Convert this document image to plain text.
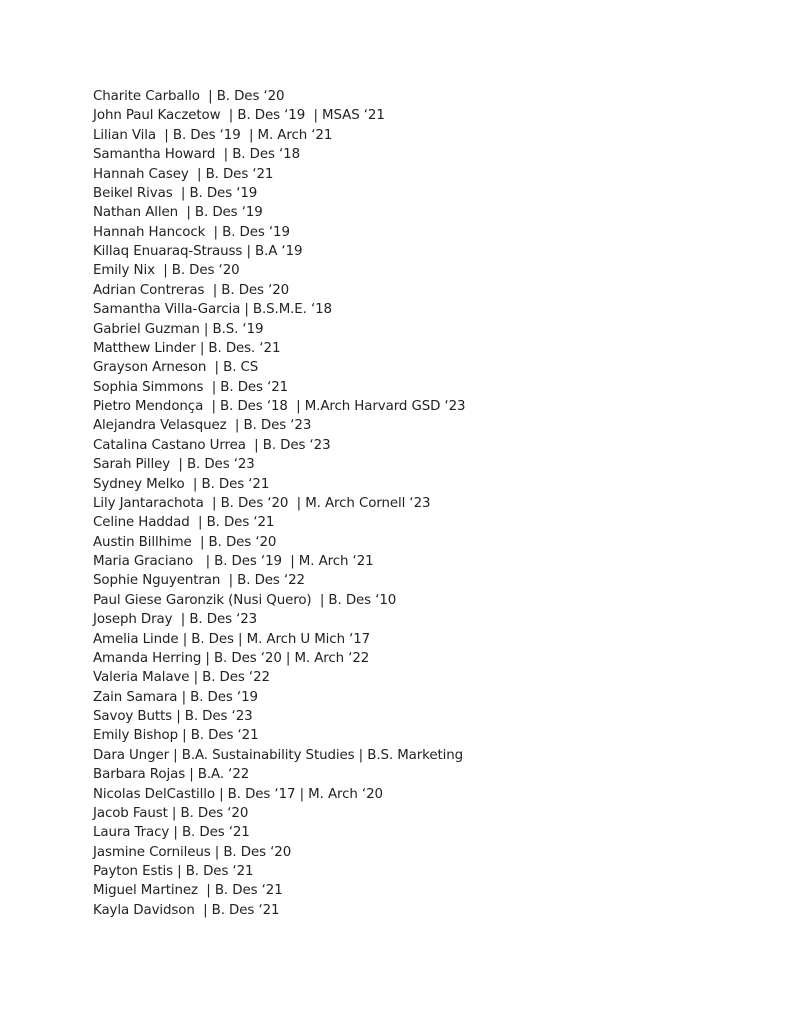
Charite Carballo  | B. Des ‘20
John Paul Kaczetow  | B. Des ‘19  | MSAS ‘21
Lilian Vila  | B. Des ‘19  | M. Arch ‘21
Samantha Howard  | B. Des ‘18
Hannah Casey  | B. Des ‘21
Beikel Rivas  | B. Des ‘19
Nathan Allen  | B. Des ‘19
Hannah Hancock  | B. Des ‘19
Killaq Enuaraq-Strauss | B.A ‘19
Emily Nix  | B. Des ‘20
Adrian Contreras  | B. Des ‘20
Samantha Villa-Garcia | B.S.M.E. ‘18
Gabriel Guzman | B.S. ‘19
Matthew Linder | B. Des. ‘21
Grayson Arneson  | B. CS
Sophia Simmons  | B. Des ‘21
Pietro Mendonça  | B. Des ‘18  | M.Arch Harvard GSD ‘23
Alejandra Velasquez  | B. Des ‘23
Catalina Castano Urrea  | B. Des ‘23
Sarah Pilley  | B. Des ‘23
Sydney Melko  | B. Des ‘21
Lily Jantarachota  | B. Des ‘20  | M. Arch Cornell ‘23
Celine Haddad  | B. Des ‘21
Austin Billhime  | B. Des ‘20
Maria Graciano   | B. Des ‘19  | M. Arch ‘21
Sophie Nguyentran  | B. Des ‘22
Paul Giese Garonzik (Nusi Quero)  | B. Des ‘10
Joseph Dray  | B. Des ‘23
Amelia Linde | B. Des | M. Arch U Mich ‘17
Amanda Herring | B. Des ‘20 | M. Arch ‘22
Valeria Malave | B. Des ‘22
Zain Samara | B. Des ‘19
Savoy Butts | B. Des ‘23
Emily Bishop | B. Des ‘21
Dara Unger | B.A. Sustainability Studies | B.S. Marketing
Barbara Rojas | B.A. ‘22
Nicolas DelCastillo | B. Des ‘17 | M. Arch ‘20
Jacob Faust | B. Des ‘20
Laura Tracy | B. Des ‘21
Jasmine Cornileus | B. Des ‘20
Payton Estis | B. Des ‘21
Miguel Martinez  | B. Des ‘21
Kayla Davidson  | B. Des ‘21
